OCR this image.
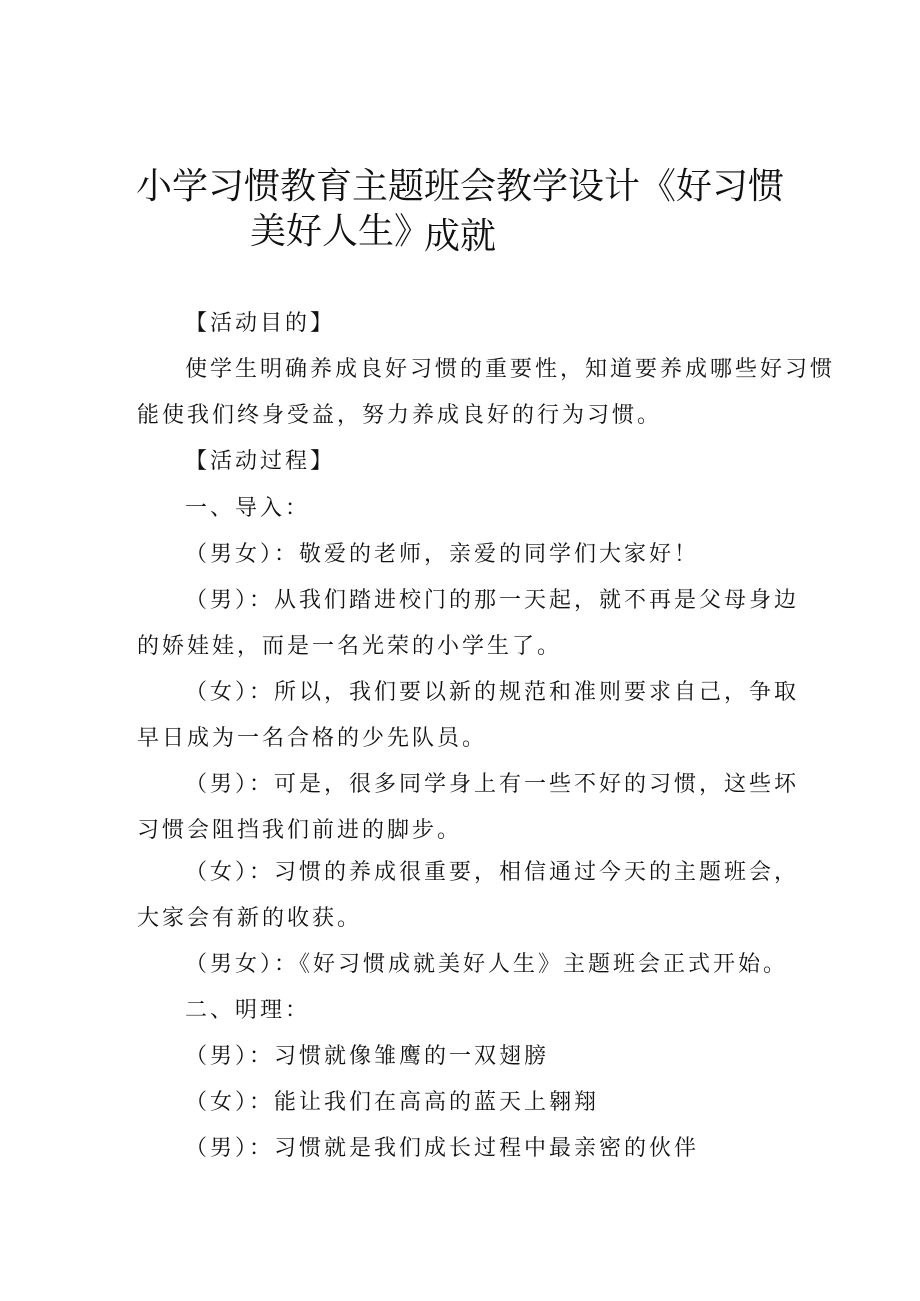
小学习惯教育主题班会教学设计《好习惯成就
美好人生》
【活动目的】
使学生明确养成良好习惯的重要性，知道要养成哪些好习惯
能使我们终身受益，努力养成良好的行为习惯。
【活动过程】
一、导入：
（男女）：敬爱的老师，亲爱的同学们大家好！
（男）：从我们踏进校门的那一天起，就不再是父母身边
的娇娃娃，而是一名光荣的小学生了。
（女）：所以，我们要以新的规范和准则要求自己，争取
早日成为一名合格的少先队员。
（男）：可是，很多同学身上有一些不好的习惯，这些坏
习惯会阻挡我们前进的脚步。
（女）：习惯的养成很重要，相信通过今天的主题班会，
大家会有新的收获。
（男女）：《好习惯成就美好人生》主题班会正式开始。
二、明理：
（男）：习惯就像雏鹰的一双翅膀
（女）：能让我们在高高的蓝天上翱翔
（男）：习惯就是我们成长过程中最亲密的伙伴
